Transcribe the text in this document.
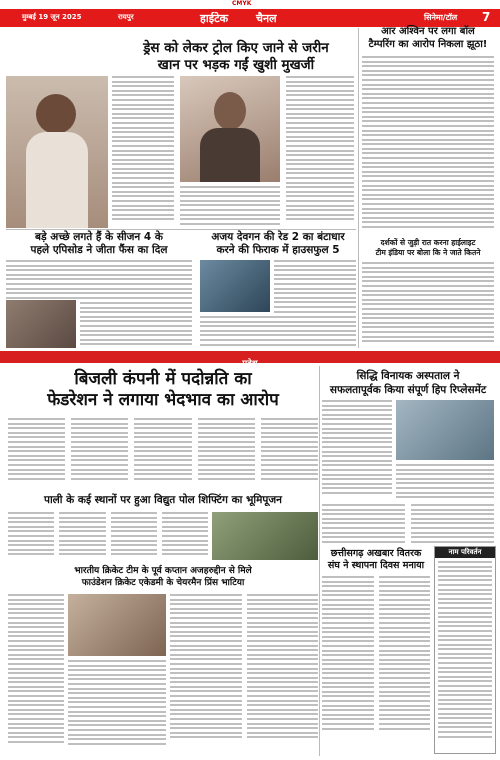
CMYK
मुम्बई 19 जून 2025	रायपुर	हाईटेक	चैनल	सिनेमा/टॉल 7
ड्रेस को लेकर ट्रोल किए जाने से जरीन
खान पर भड़क गईं खुशी मुखर्जी
आर अश्विन पर लगा बॉल
टैम्परिंग का आरोप निकला झूठा!
दर्शकों से जुड़ी रात करना हाईलाइट
टीम इंडिया पर बोला कि ने जाते कितने
बड़े अच्छे लगते हैं के सीजन 4 के
पहले एपिसोड ने जीता फैंस का दिल
अजय देवगन की रेड 2 का बंटाधार
करने की फिराक में हाउसफुल 5
प्रदेश
बिजली कंपनी में पदोन्नति का
फेडरेशन ने लगाया भेदभाव का आरोप
सिद्धि विनायक अस्पताल ने
सफलतापूर्वक किया संपूर्ण हिप रिप्लेसमेंट
पाली के कई स्थानों पर हुआ विद्युत पोल शिफ्टिंग का भूमिपूजन
भारतीय क्रिकेट टीम के पूर्व कप्तान अजहरुद्दीन से मिले
फाउंडेशन क्रिकेट एकेडमी के चेयरमैन प्रिंस भाटिया
छत्तीसगढ़ अखबार वितरक
संघ ने स्थापना दिवस मनाया
नाम परिवर्तन
